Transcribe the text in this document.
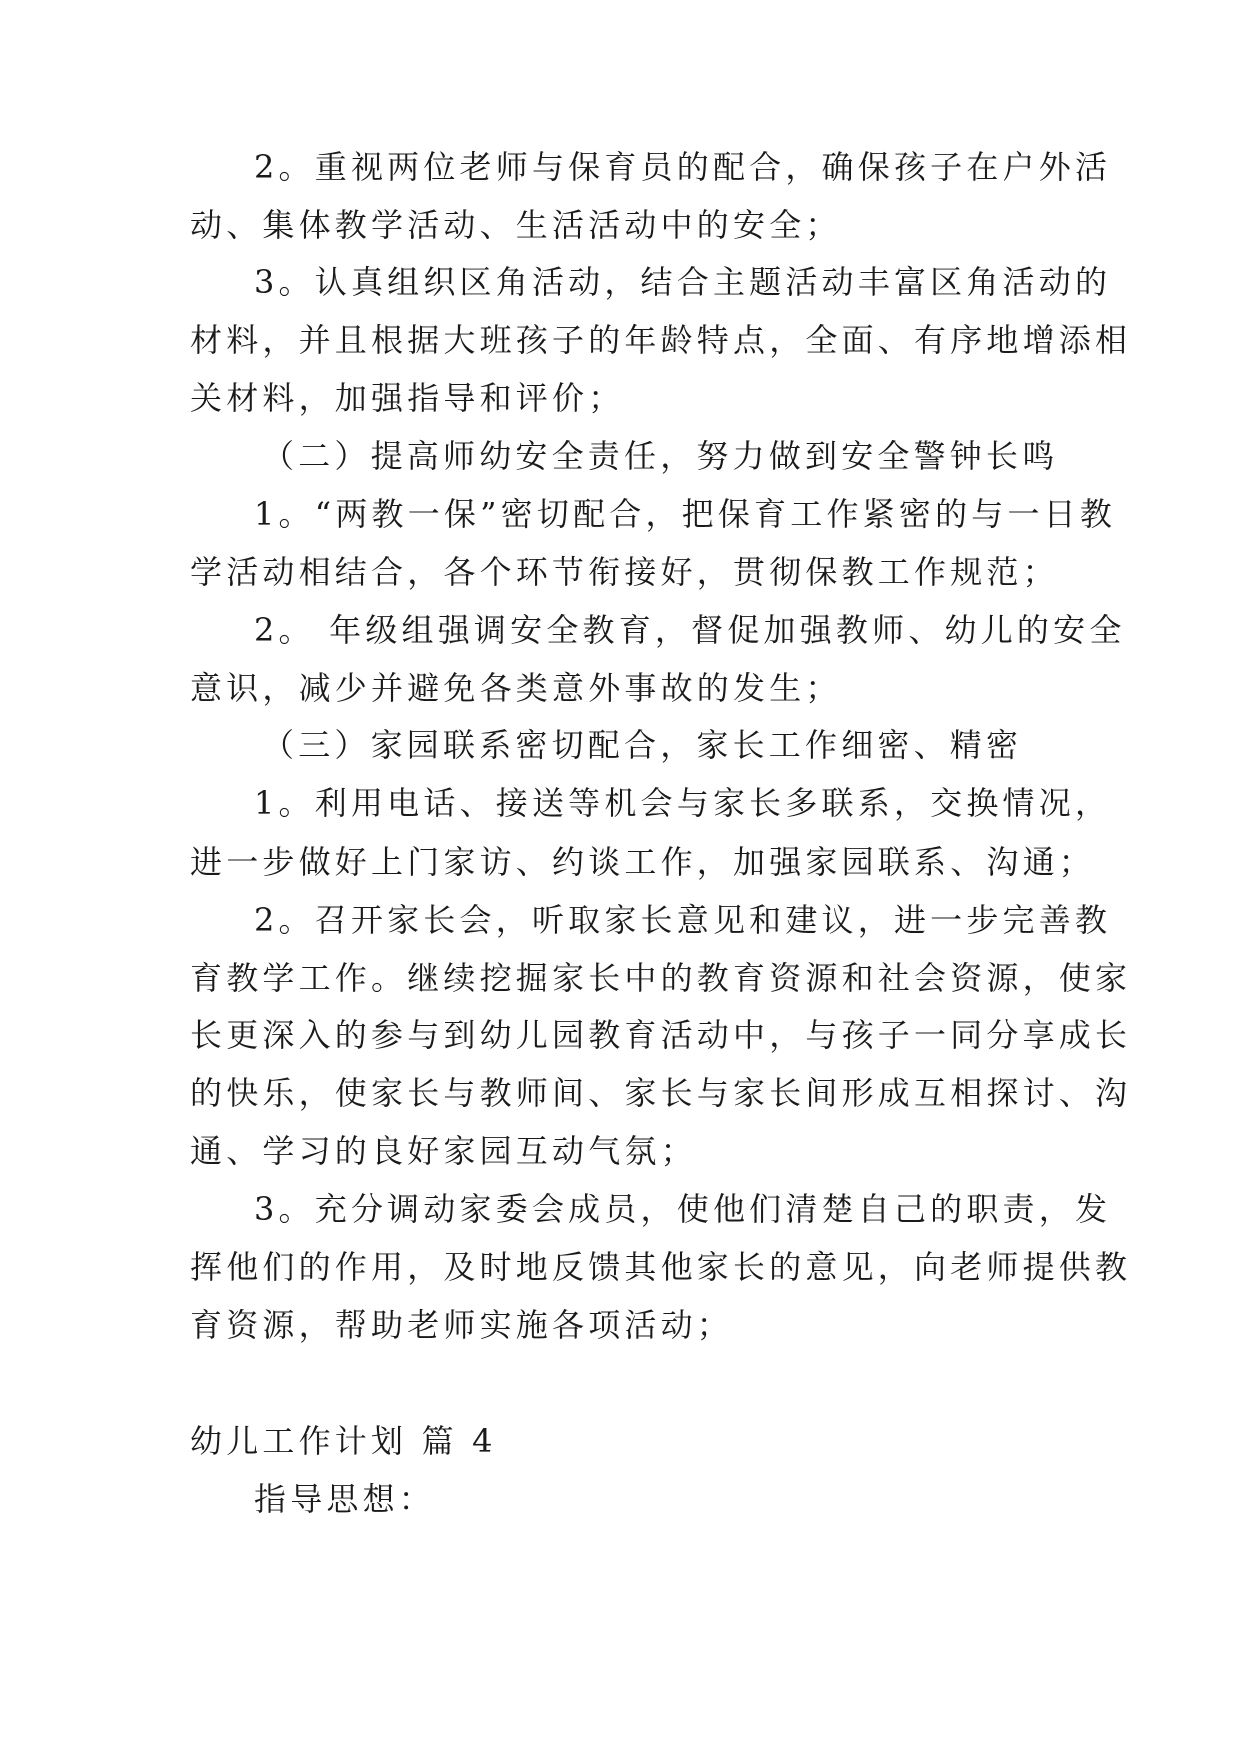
2。重视两位老师与保育员的配合，确保孩子在户外活
动、集体教学活动、生活活动中的安全；
3。认真组织区角活动，结合主题活动丰富区角活动的
材料，并且根据大班孩子的年龄特点，全面、有序地增添相
关材料，加强指导和评价；
（二）提高师幼安全责任，努力做到安全警钟长鸣
1。“两教一保”密切配合，把保育工作紧密的与一日教
学活动相结合，各个环节衔接好，贯彻保教工作规范；
2。 年级组强调安全教育，督促加强教师、幼儿的安全
意识，减少并避免各类意外事故的发生；
（三）家园联系密切配合，家长工作细密、精密
1。利用电话、接送等机会与家长多联系，交换情况，
进一步做好上门家访、约谈工作，加强家园联系、沟通；
2。召开家长会，听取家长意见和建议，进一步完善教
育教学工作。继续挖掘家长中的教育资源和社会资源，使家
长更深入的参与到幼儿园教育活动中，与孩子一同分享成长
的快乐，使家长与教师间、家长与家长间形成互相探讨、沟
通、学习的良好家园互动气氛；
3。充分调动家委会成员，使他们清楚自己的职责，发
挥他们的作用，及时地反馈其他家长的意见，向老师提供教
育资源，帮助老师实施各项活动；
幼儿工作计划 篇 4
指导思想：
